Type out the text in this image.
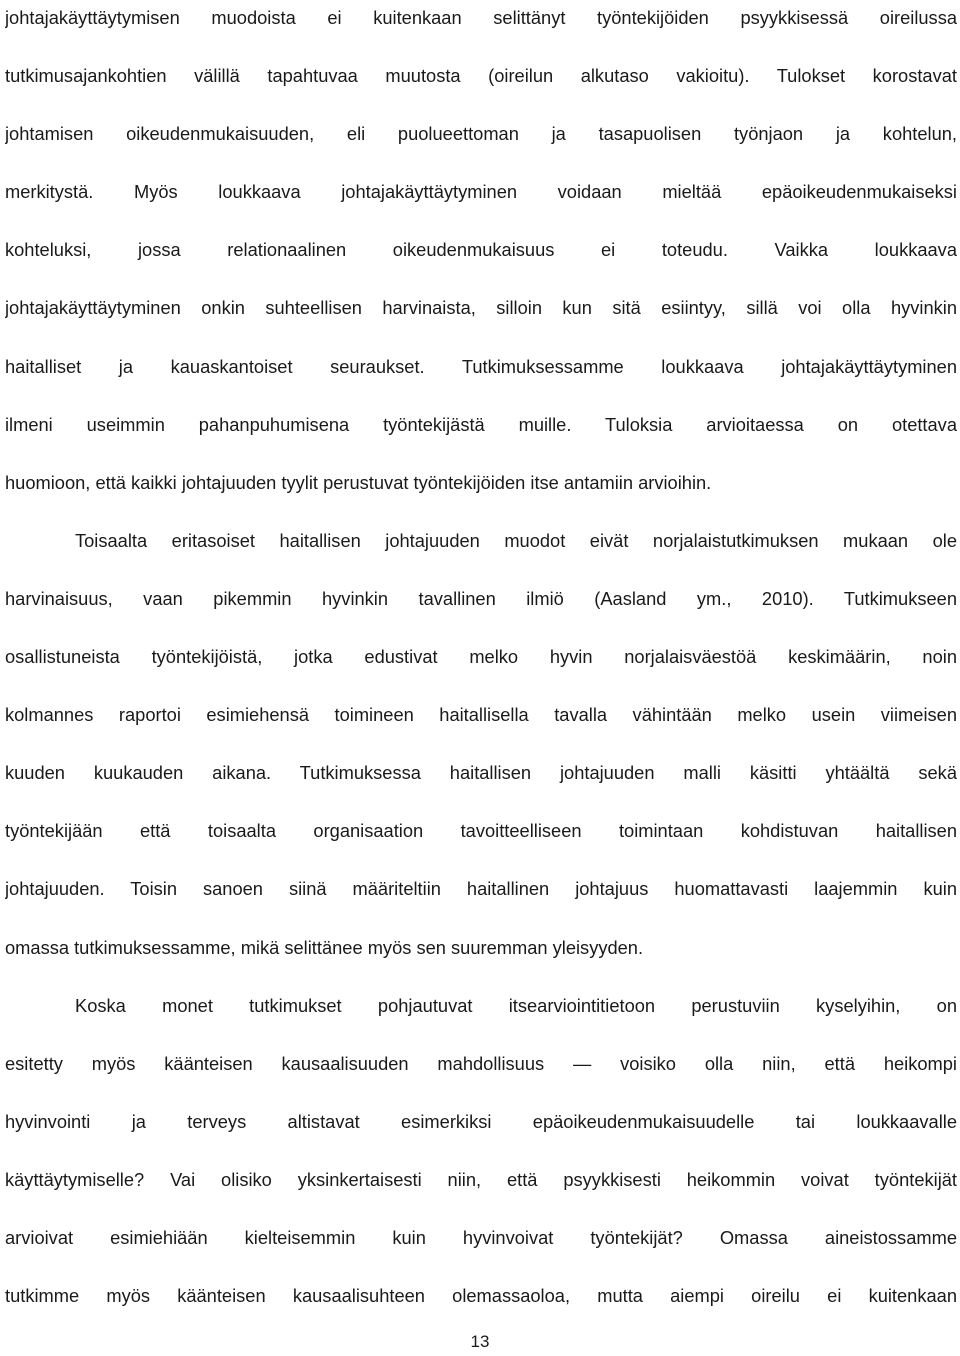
johtajakäyttäytymisen muodoista ei kuitenkaan selittänyt työntekijöiden psyykkisessä oireilussa
tutkimusajankohtien välillä tapahtuvaa muutosta (oireilun alkutaso vakioitu). Tulokset korostavat
johtamisen oikeudenmukaisuuden, eli puolueettoman ja tasapuolisen työnjaon ja kohtelun,
merkitystä. Myös loukkaava johtajakäyttäytyminen voidaan mieltää epäoikeudenmukaiseksi
kohteluksi, jossa relationaalinen oikeudenmukaisuus ei toteudu. Vaikka loukkaava
johtajakäyttäytyminen onkin suhteellisen harvinaista, silloin kun sitä esiintyy, sillä voi olla hyvinkin
haitalliset ja kauaskantoiset seuraukset. Tutkimuksessamme loukkaava johtajakäyttäytyminen
ilmeni useimmin pahanpuhumisena työntekijästä muille. Tuloksia arvioitaessa on otettava
huomioon, että kaikki johtajuuden tyylit perustuvat työntekijöiden itse antamiin arvioihin.
Toisaalta eritasoiset haitallisen johtajuuden muodot eivät norjalaistutkimuksen mukaan ole
harvinaisuus, vaan pikemmin hyvinkin tavallinen ilmiö (Aasland ym., 2010). Tutkimukseen
osallistuneista työntekijöistä, jotka edustivat melko hyvin norjalaisväestöä keskimäärin, noin
kolmannes raportoi esimiehensä toimineen haitallisella tavalla vähintään melko usein viimeisen
kuuden kuukauden aikana. Tutkimuksessa haitallisen johtajuuden malli käsitti yhtäältä sekä
työntekijään että toisaalta organisaation tavoitteelliseen toimintaan kohdistuvan haitallisen
johtajuuden. Toisin sanoen siinä määriteltiin haitallinen johtajuus huomattavasti laajemmin kuin
omassa tutkimuksessamme, mikä selittänee myös sen suuremman yleisyyden.
Koska monet tutkimukset pohjautuvat itsearviointitietoon perustuviin kyselyihin, on
esitetty myös käänteisen kausaalisuuden mahdollisuus — voisiko olla niin, että heikompi
hyvinvointi ja terveys altistavat esimerkiksi epäoikeudenmukaisuudelle tai loukkaavalle
käyttäytymiselle? Vai olisiko yksinkertaisesti niin, että psyykkisesti heikommin voivat työntekijät
arvioivat esimiehiään kielteisemmin kuin hyvinvoivat työntekijät? Omassa aineistossamme
tutkimme myös käänteisen kausaalisuhteen olemassaoloa, mutta aiempi oireilu ei kuitenkaan
13
